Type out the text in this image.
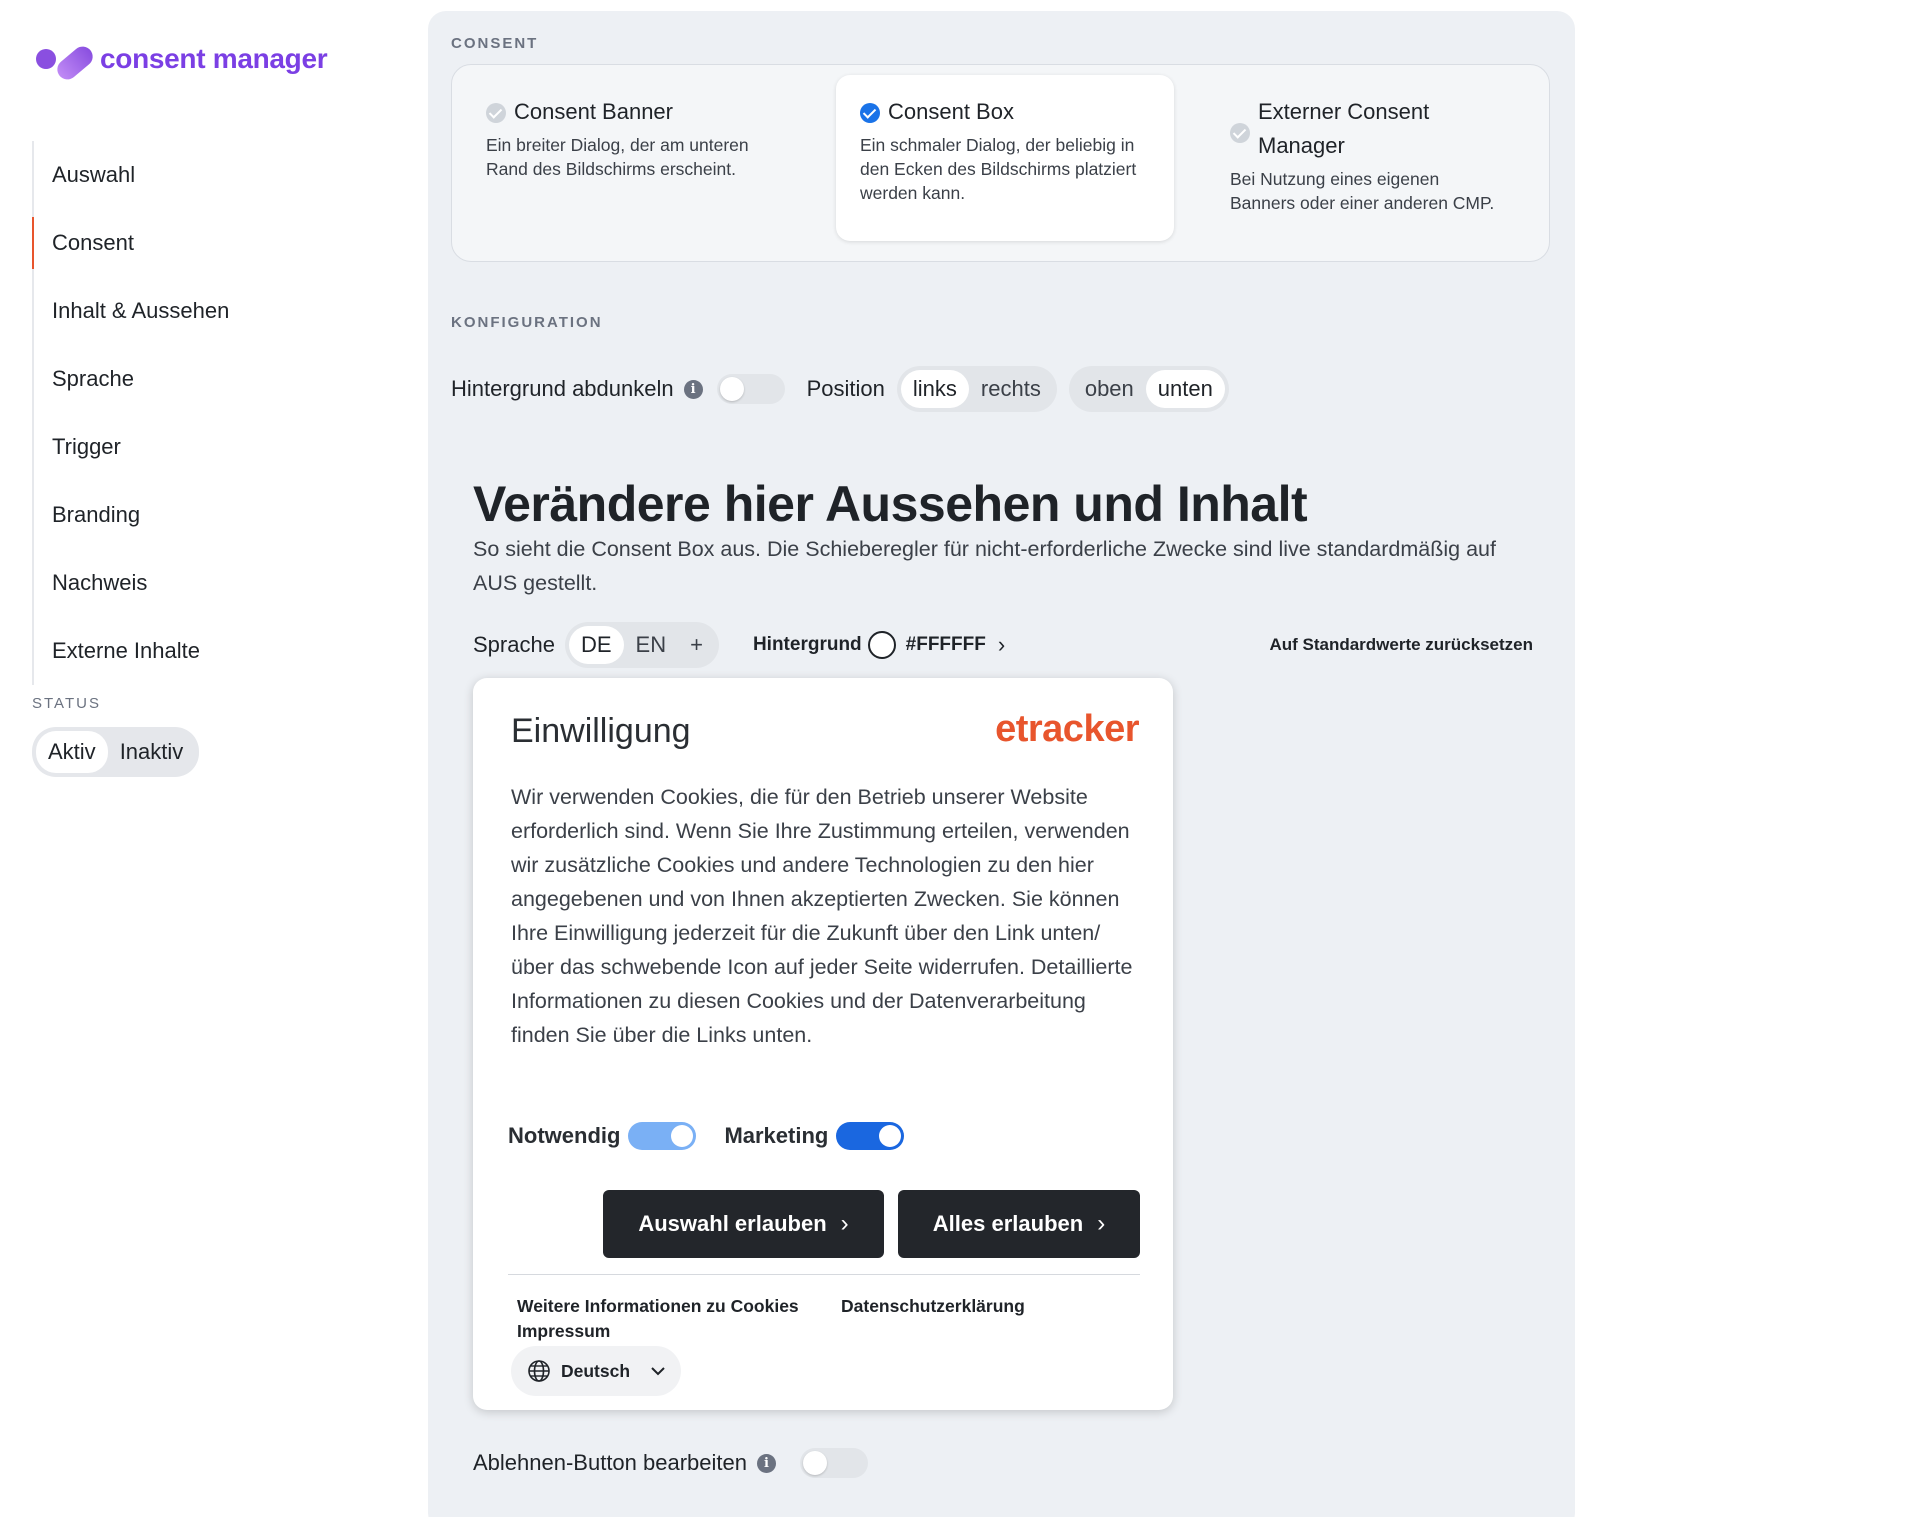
consent manager
Auswahl
Consent
Inhalt & Aussehen
Sprache
Trigger
Branding
Nachweis
Externe Inhalte
STATUS
Aktiv	Inaktiv
CONSENT
Consent Banner
Ein breiter Dialog, der am unteren Rand des Bildschirms erscheint.
Consent Box
Ein schmaler Dialog, der beliebig in den Ecken des Bildschirms platziert werden kann.
Externer Consent Manager
Bei Nutzung eines eigenen Banners oder einer anderen CMP.
KONFIGURATION
Hintergrund abdunkeln	i	Position	links	rechts	oben	unten
Verändere hier Aussehen und Inhalt
So sieht die Consent Box aus. Die Schieberegler für nicht-erforderliche Zwecke sind live standardmäßig auf AUS gestellt.
Sprache	DE	EN	+	Hintergrund #FFFFFF ›	Auf Standardwerte zurücksetzen
Einwilligung	etracker
Wir verwenden Cookies, die für den Betrieb unserer Website erforderlich sind. Wenn Sie Ihre Zustimmung erteilen, verwenden wir zusätzliche Cookies und andere Technologien zu den hier angegebenen und von Ihnen akzeptierten Zwecken. Sie können Ihre Einwilligung jederzeit für die Zukunft über den Link unten/über das schwebende Icon auf jeder Seite widerrufen. Detaillierte Informationen zu diesen Cookies und der Datenverarbeitung finden Sie über die Links unten.
Notwendig	Marketing
Auswahl erlauben ›	Alles erlauben ›
Weitere Informationen zu Cookies Datenschutzerklärung
Impressum
Deutsch
Ablehnen-Button bearbeiten	i
